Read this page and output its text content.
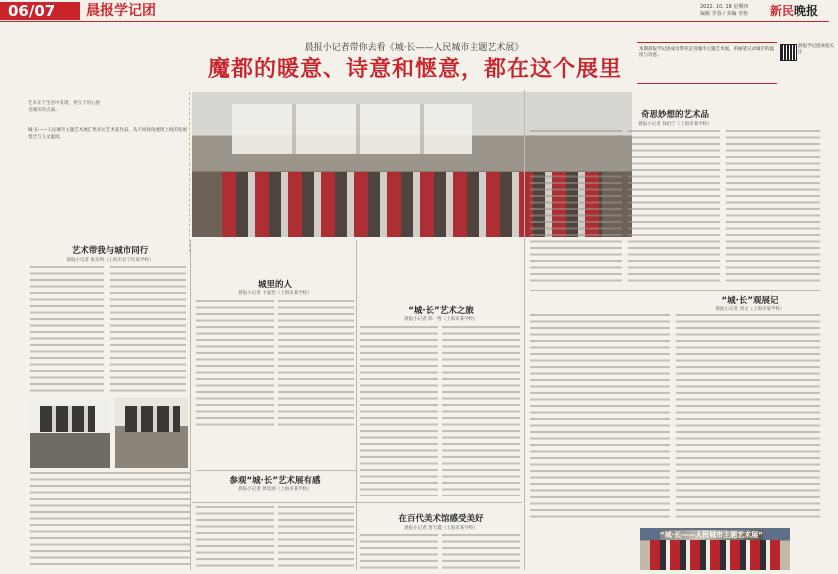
06/07	晨报学记团	2022. 10. 18 星期四
编辑 李春 / 美编 李艳 新民晚报
晨报小记者带你去看《城·长——人民城市主题艺术展》
魔都的暖意、诗意和惬意，都在这个展里
本期晨报学记团成员带你走进城市主题艺术展，用画笔记录城市的温度与诗意。
晨报学记团欢迎关注
艺术在于生活中发现，更在于用心感受城市的点滴。
城·长——人民城市主题艺术展汇集多位艺术家作品，从不同视角展现上海的发展变迁与人文温度。
艺术带我与城市同行
晨报小记者 张东明（上海市长宁区某学校）
城里的人
晨报小记者 卞家怡（上海市某学校）
参观“城·长”艺术展有感
晨报小记者 黄思涵（上海市某学校）
“城·长”艺术之旅
晨报小记者 陈一哲（上海市某学校）
在百代美术馆感受美好
晨报小记者 唐天鑫（上海市某学校）
奇思妙想的艺术品
晨报小记者 钱伯宁（上海市某学校）
“城·长”观展记
晨报小记者 刘文（上海市某学校）
“城·长——人民城市主题艺术展”
